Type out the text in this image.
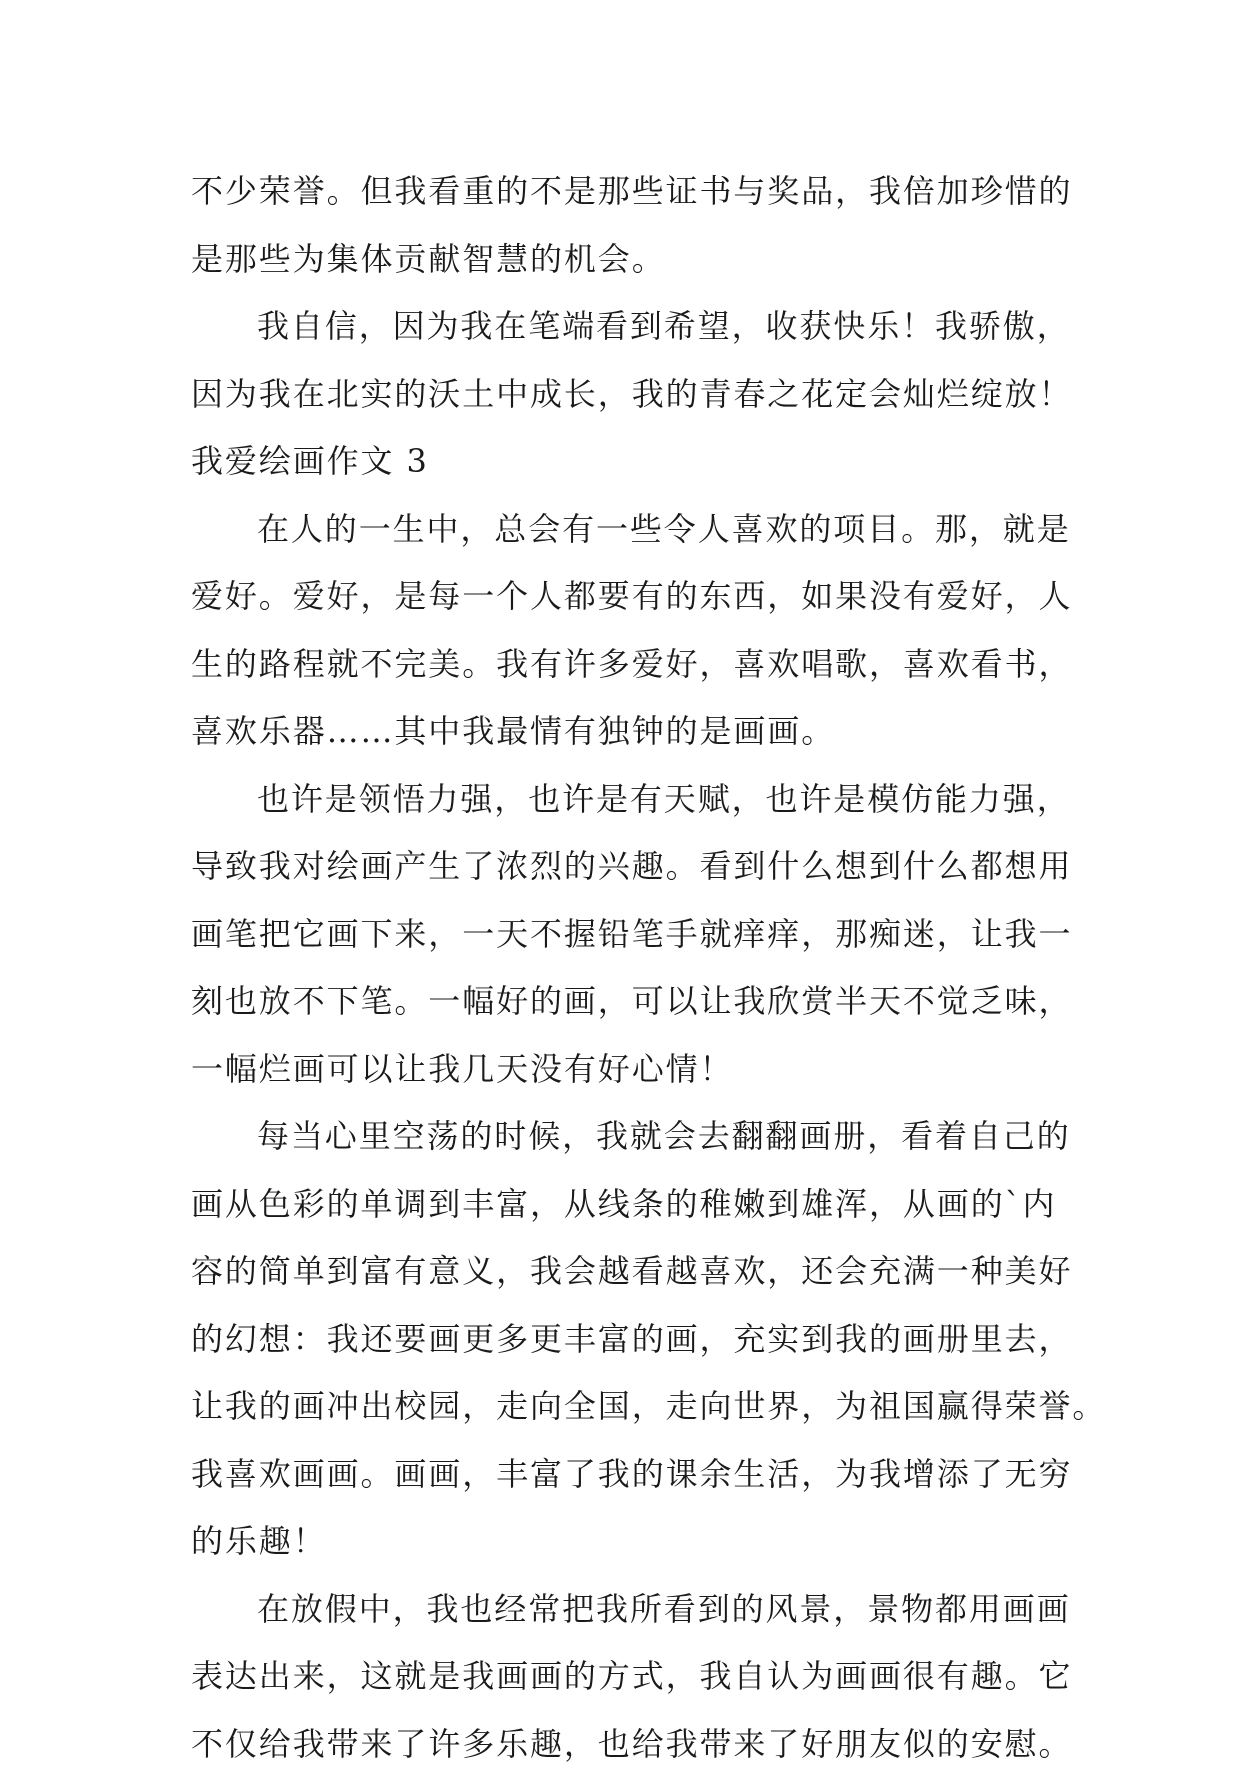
不少荣誉。但我看重的不是那些证书与奖品，我倍加珍惜的
是那些为集体贡献智慧的机会。
我自信，因为我在笔端看到希望，收获快乐！我骄傲，
因为我在北实的沃土中成长，我的青春之花定会灿烂绽放！
我爱绘画作文 3
在人的一生中，总会有一些令人喜欢的项目。那，就是
爱好。爱好，是每一个人都要有的东西，如果没有爱好，人
生的路程就不完美。我有许多爱好，喜欢唱歌，喜欢看书，
喜欢乐器……其中我最情有独钟的是画画。
也许是领悟力强，也许是有天赋，也许是模仿能力强，
导致我对绘画产生了浓烈的兴趣。看到什么想到什么都想用
画笔把它画下来，一天不握铅笔手就痒痒，那痴迷，让我一
刻也放不下笔。一幅好的画，可以让我欣赏半天不觉乏味，
一幅烂画可以让我几天没有好心情！
每当心里空荡的时候，我就会去翻翻画册，看着自己的
画从色彩的单调到丰富，从线条的稚嫩到雄浑，从画的`内
容的简单到富有意义，我会越看越喜欢，还会充满一种美好
的幻想：我还要画更多更丰富的画，充实到我的画册里去，
让我的画冲出校园，走向全国，走向世界，为祖国赢得荣誉。
我喜欢画画。画画，丰富了我的课余生活，为我增添了无穷
的乐趣！
在放假中，我也经常把我所看到的风景，景物都用画画
表达出来，这就是我画画的方式，我自认为画画很有趣。它
不仅给我带来了许多乐趣，也给我带来了好朋友似的安慰。
